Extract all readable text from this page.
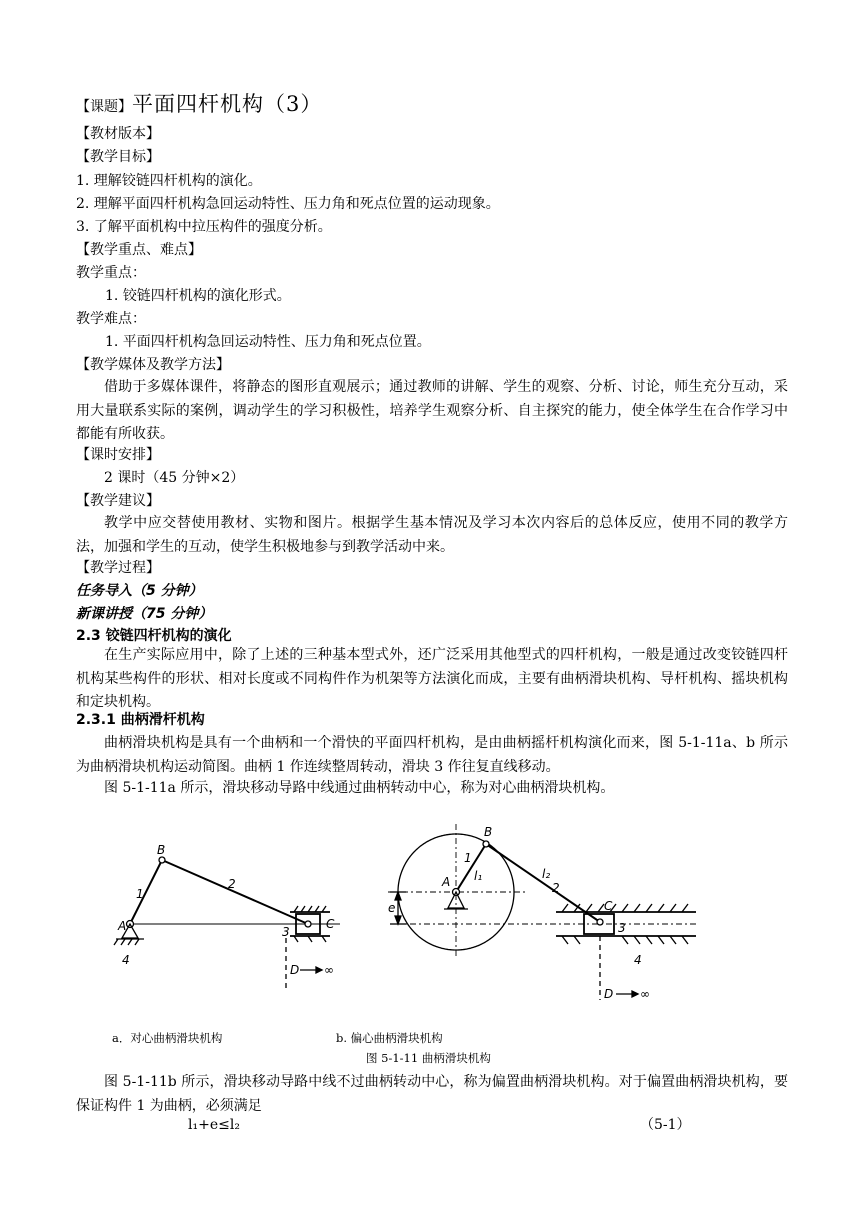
【课题】平面四杆机构（3）
【教材版本】
【教学目标】
1. 理解铰链四杆机构的演化。
2. 理解平面四杆机构急回运动特性、压力角和死点位置的运动现象。
3. 了解平面机构中拉压构件的强度分析。
【教学重点、难点】
教学重点：
1. 铰链四杆机构的演化形式。
教学难点：
1. 平面四杆机构急回运动特性、压力角和死点位置。
【教学媒体及教学方法】
借助于多媒体课件，将静态的图形直观展示；通过教师的讲解、学生的观察、分析、讨论，师生充分互动，采用大量联系实际的案例，调动学生的学习积极性，培养学生观察分析、自主探究的能力，使全体学生在合作学习中都能有所收获。
【课时安排】
2 课时（45 分钟×2）
【教学建议】
教学中应交替使用教材、实物和图片。根据学生基本情况及学习本次内容后的总体反应，使用不同的教学方法，加强和学生的互动，使学生积极地参与到教学活动中来。
【教学过程】
任务导入（5 分钟）
新课讲授（75 分钟）
2.3 铰链四杆机构的演化
在生产实际应用中，除了上述的三种基本型式外，还广泛采用其他型式的四杆机构，一般是通过改变铰链四杆机构某些构件的形状、相对长度或不同构件作为机架等方法演化而成，主要有曲柄滑块机构、导杆机构、摇块机构和定块机构。
2.3.1 曲柄滑杆机构
曲柄滑块机构是具有一个曲柄和一个滑快的平面四杆机构，是由曲柄摇杆机构演化而来，图 5-1-11a、b 所示为曲柄滑块机构运动简图。曲柄 1 作连续整周转动，滑块 3 作往复直线移动。
图 5-1-11a 所示，滑块移动导路中线通过曲柄转动中心，称为对心曲柄滑块机构。
A
B
C
1
2
3
4
D ∞
A
B
C
1
2
3
4
D ∞
l₁	l₂
e
a．对心曲柄滑块机构	b. 偏心曲柄滑块机构
图 5-1-11 曲柄滑块机构
图 5-1-11b 所示，滑块移动导路中线不过曲柄转动中心，称为偏置曲柄滑块机构。对于偏置曲柄滑块机构，要保证构件 1 为曲柄，必须满足
l₁+e≤l₂	（5-1）
